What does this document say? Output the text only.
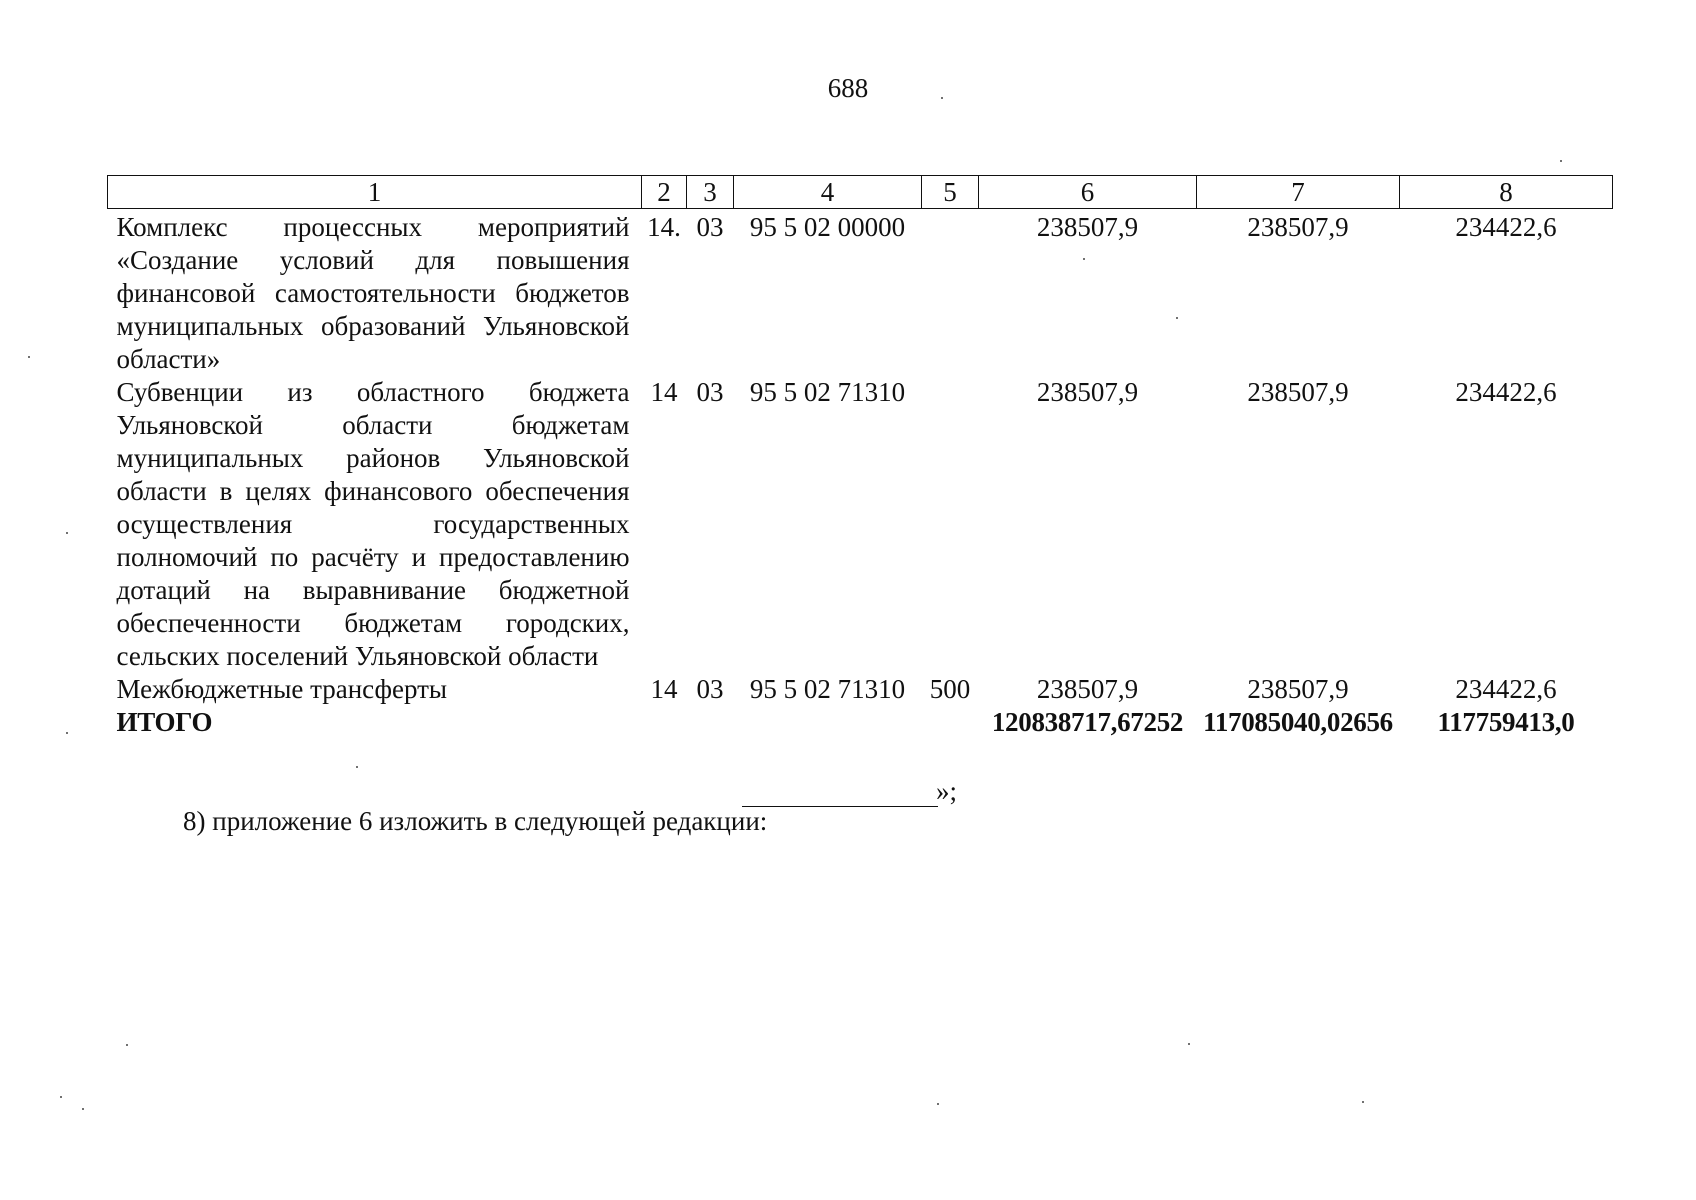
688
1	2	3	4	5	6	7	8
Комплекс процессных мероприятий «Создание условий для повышения финансовой самостоятельности бюджетов муниципальных образований Ульяновской области»	14.	03	95 5 02 00000		238507,9	238507,9	234422,6
Субвенции из областного бюджета Ульяновской области бюджетам муниципальных районов Ульяновской области в целях финансового обеспечения осуществления государственных полномочий по расчёту и предоставлению дотаций на выравнивание бюджетной обеспеченности бюджетам городских, сельских поселений Ульяновской области	14	03	95 5 02 71310		238507,9	238507,9	234422,6
Межбюджетные трансферты	14	03	95 5 02 71310	500	238507,9	238507,9	234422,6
ИТОГО					120838717,67252	117085040,02656	117759413,0
»;
8) приложение 6 изложить в следующей редакции:
